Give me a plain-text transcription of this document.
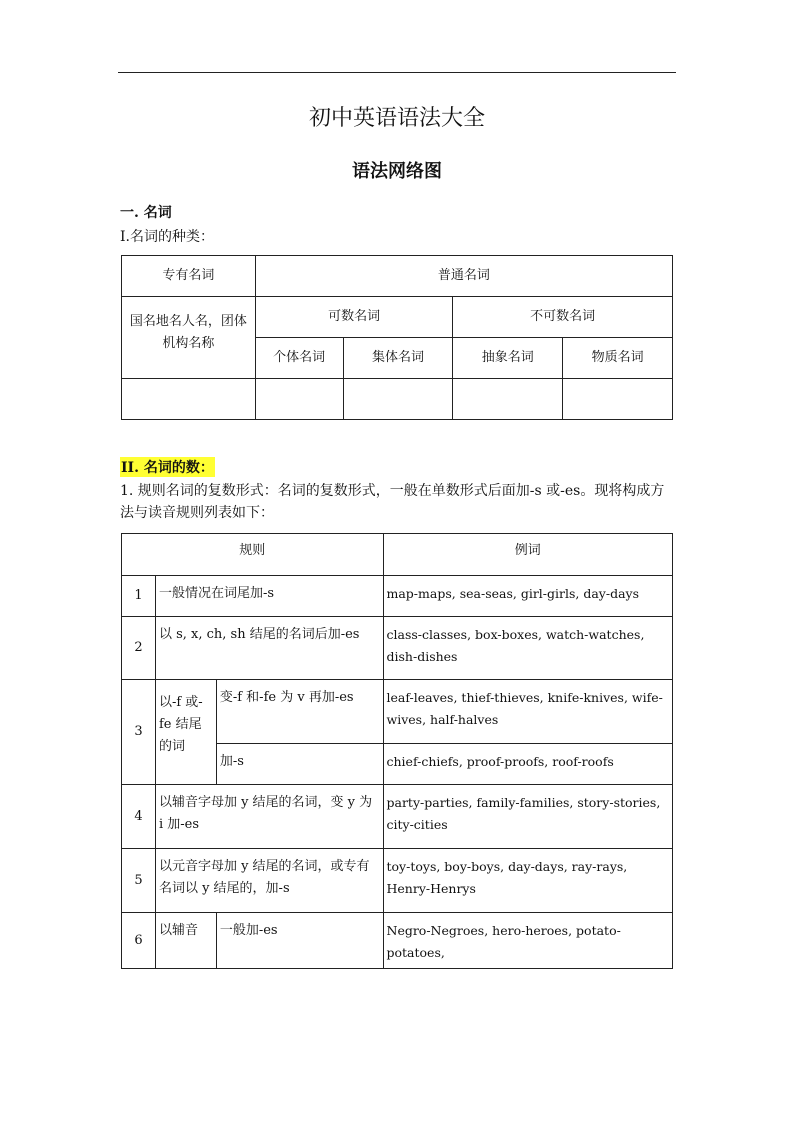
初中英语语法大全
语法网络图
一. 名词
I.名词的种类：
专有名词	普通名词			
国名地名人名，团体机构名称	可数名词		不可数名词	
	个体名词	集体名词	抽象名词	物质名词

II. 名词的数：
1. 规则名词的复数形式：名词的复数形式，一般在单数形式后面加-s 或-es。现将构成方法与读音规则列表如下：
规则			例词
1	一般情况在词尾加-s		map-maps, sea-seas, girl-girls, day-days
2	以 s, x, ch, sh 结尾的名词后加-es		class-classes, box-boxes, watch-watches, dish-dishes
3	以-f 或-fe 结尾的词	变-f 和-fe 为 v 再加-es	leaf-leaves, thief-thieves, knife-knives, wife-wives, half-halves
		加-s	chief-chiefs, proof-proofs, roof-roofs
4	以辅音字母加 y 结尾的名词，变 y 为 i 加-es		party-parties, family-families, story-stories, city-cities
5	以元音字母加 y 结尾的名词，或专有名词以 y 结尾的，加-s		toy-toys, boy-boys, day-days, ray-rays, Henry-Henrys
6	以辅音	一般加-es	Negro-Negroes, hero-heroes, potato-potatoes,
